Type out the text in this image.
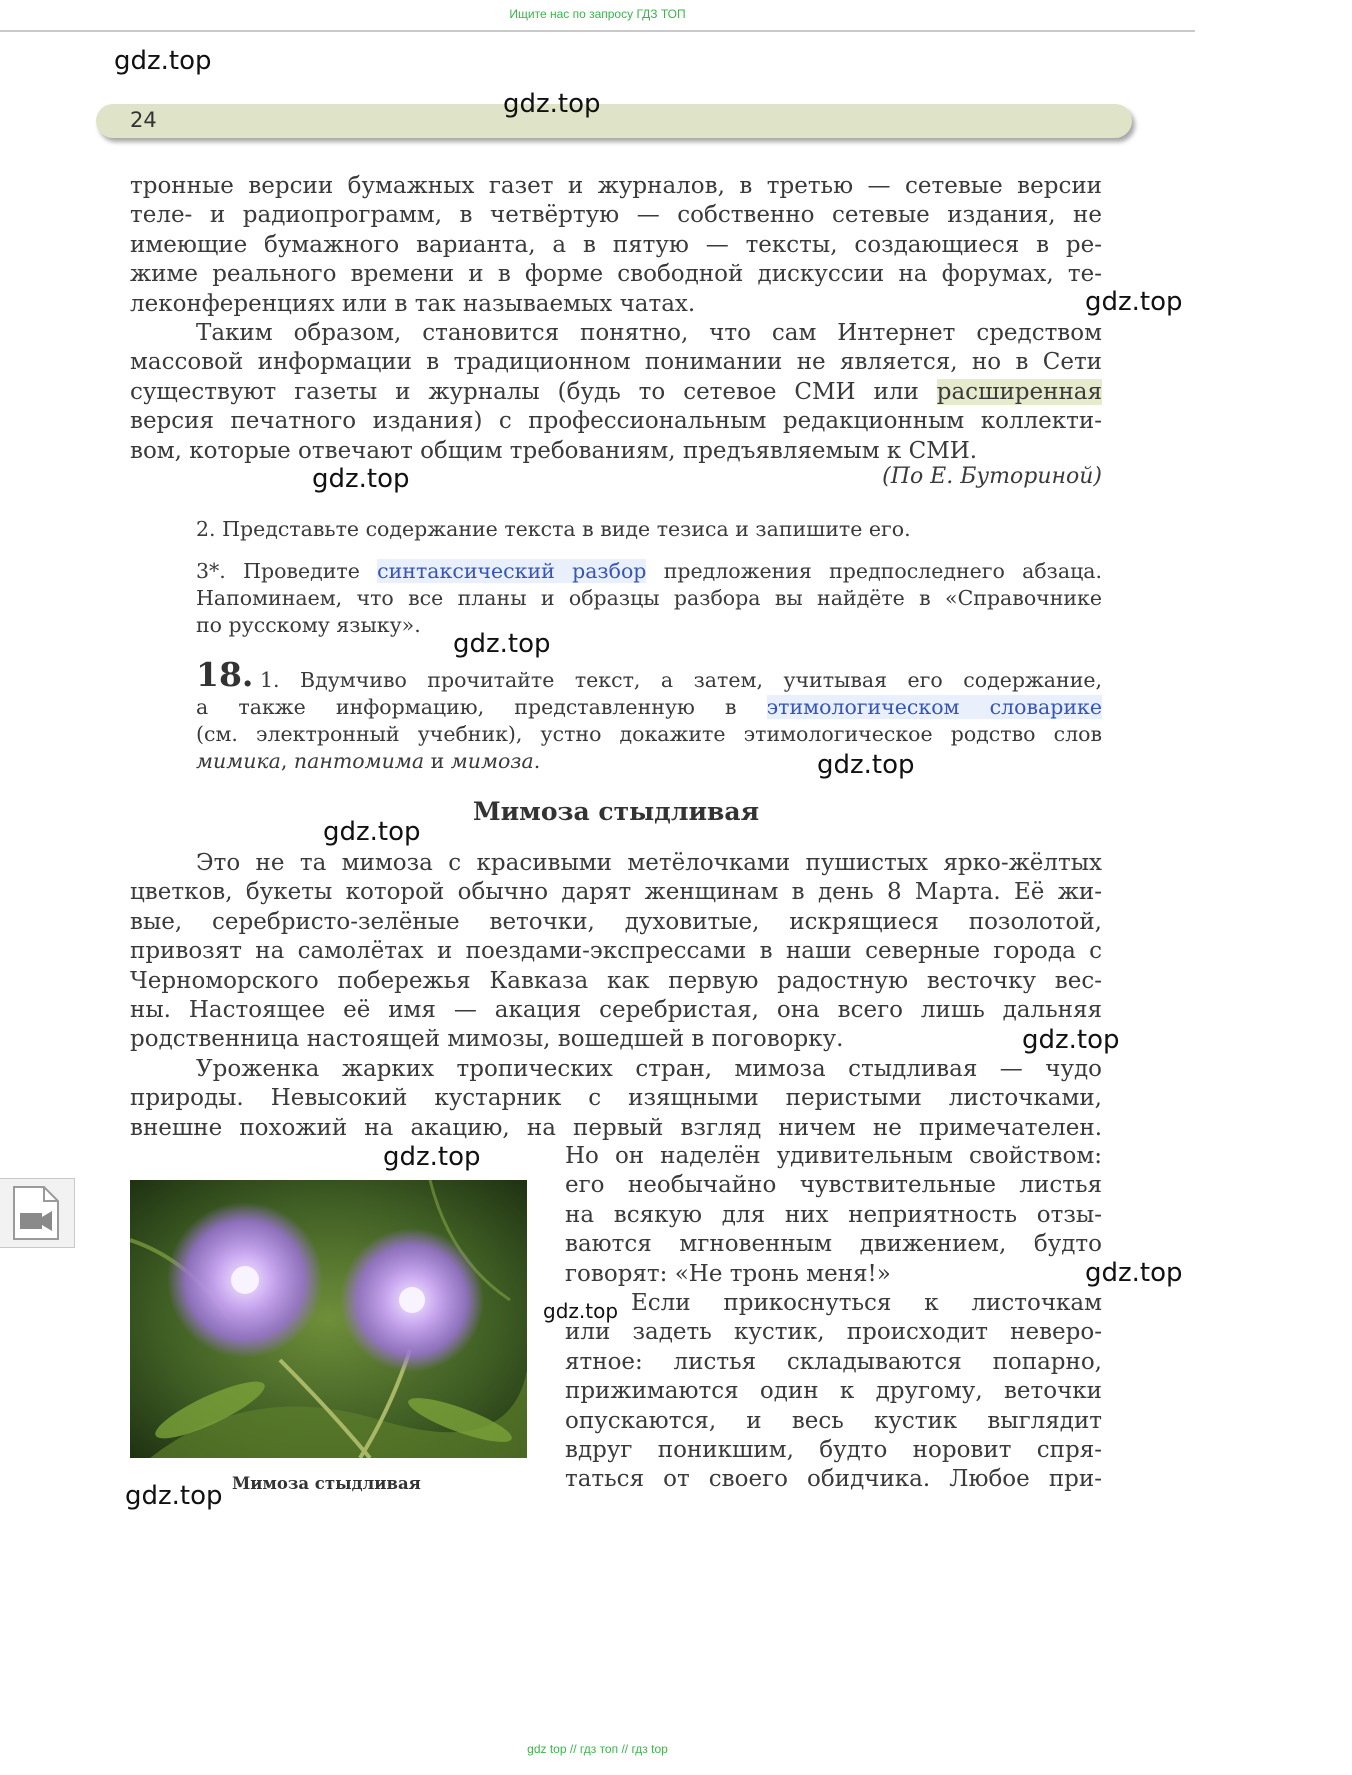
Ищите нас по запросу ГДЗ ТОП
24
gdz.top
gdz.top
gdz.top
gdz.top
gdz.top
gdz.top
gdz.top
gdz.top
gdz.top
gdz.top
gdz.top
gdz.top

тронные версии бумажных газет и журналов, в третью — сетевые версии

теле- и радиопрограмм, в четвёртую — собственно сетевые издания, не

имеющие бумажного варианта, а в пятую — тексты, создающиеся в ре-

жиме реального времени и в форме свободной дискуссии на форумах, те-

леконференциях или в так называемых чатах.

Таким образом, становится понятно, что сам Интернет средством

массовой информации в традиционном понимании не является, но в Сети

существуют газеты и журналы (будь то сетевое СМИ или расширенная

версия печатного издания) с профессиональным редакционным коллекти-

вом, которые отвечают общим требованиям, предъявляемым к СМИ.

(По Е. Буториной)
2. Представьте содержание текста в виде тезиса и запишите его.

3*. Проведите синтаксический разбор предложения предпоследнего абзаца.

Напоминаем, что все планы и образцы разбора вы найдёте в «Справочнике

по русскому языку».

18. 1. Вдумчиво прочитайте текст, а затем, учитывая его содержание,

а также информацию, представленную в этимологическом словарике

(см. электронный учебник), устно докажите этимологическое родство слов

мимика, пантомима и мимоза.

Мимоза стыдливая

Это не та мимоза с красивыми метёлочками пушистых ярко-жёлтых

цветков, букеты которой обычно дарят женщинам в день 8 Марта. Её жи-

вые, серебристо-зелёные веточки, духовитые, искрящиеся позолотой,

привозят на самолётах и поездами-экспрессами в наши северные города с

Черноморского побережья Кавказа как первую радостную весточку вес-

ны. Настоящее её имя — акация серебристая, она всего лишь дальняя

родственница настоящей мимозы, вошедшей в поговорку.

Уроженка жарких тропических стран, мимоза стыдливая — чудо

природы. Невысокий кустарник с изящными перистыми листочками,

внешне похожий на акацию, на первый взгляд ничем не примечателен.

Но он наделён удивительным свойством:

его необычайно чувствительные листья

на всякую для них неприятность отзы-

ваются мгновенным движением, будто

говорят: «Не тронь меня!»

Если прикоснуться к листочкам

или задеть кустик, происходит неверо-

ятное: листья складываются попарно,

прижимаются один к другому, веточки

опускаются, и весь кустик выглядит

вдруг поникшим, будто норовит спря-

таться от своего обидчика. Любое при-

Мимоза стыдливая
gdz top // гдз топ // гдз top
